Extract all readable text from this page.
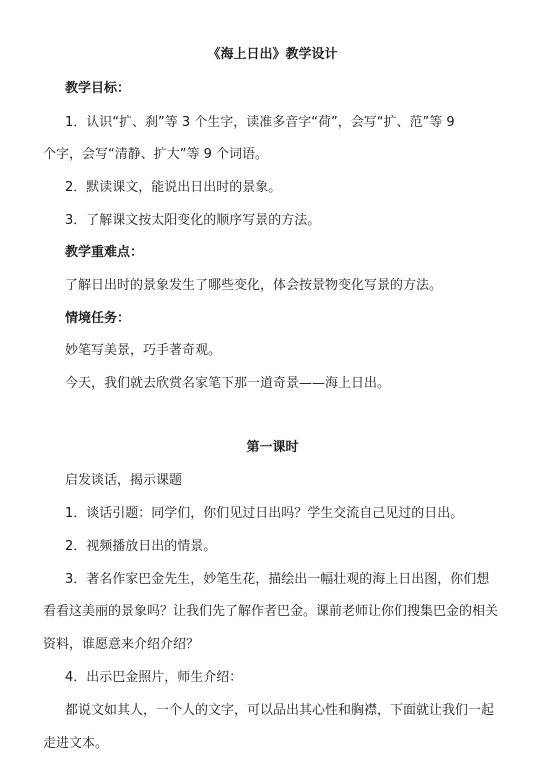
《海上日出》教学设计
教学目标：
1．认识“扩、刹”等 3 个生字，读准多音字“荷”，会写“扩、范”等 9
个字，会写“清静、扩大”等 9 个词语。
2．默读课文，能说出日出时的景象。
3．了解课文按太阳变化的顺序写景的方法。
教学重难点：
了解日出时的景象发生了哪些变化，体会按景物变化写景的方法。
情境任务：
妙笔写美景，巧手著奇观。
今天，我们就去欣赏名家笔下那一道奇景——海上日出。
第一课时
启发谈话，揭示课题
1．谈话引题：同学们，你们见过日出吗？学生交流自己见过的日出。
2．视频播放日出的情景。
3．著名作家巴金先生，妙笔生花，描绘出一幅壮观的海上日出图，你们想
看看这美丽的景象吗？让我们先了解作者巴金。课前老师让你们搜集巴金的相关
资料，谁愿意来介绍介绍？
4．出示巴金照片，师生介绍：
都说文如其人，一个人的文字，可以品出其心性和胸襟，下面就让我们一起
走进文本。
